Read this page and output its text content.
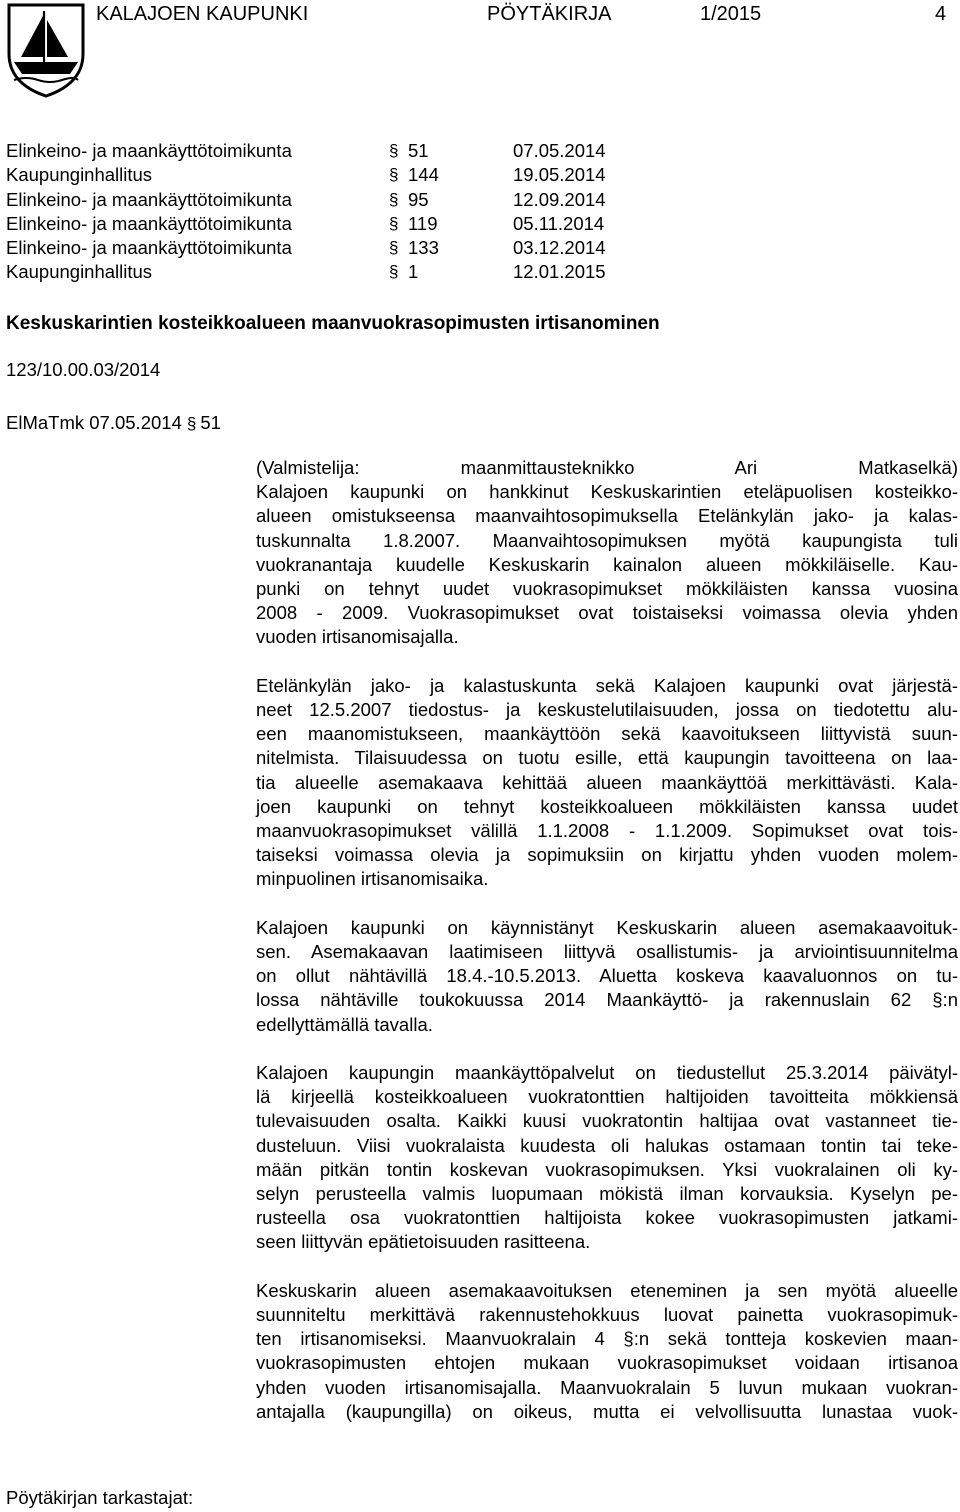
KALAJOEN KAUPUNKI	PÖYTÄKIRJA	1/2015	4
Elinkeino- ja maankäyttötoimikunta	§ 51	07.05.2014
Kaupunginhallitus	§ 144	19.05.2014
Elinkeino- ja maankäyttötoimikunta	§ 95	12.09.2014
Elinkeino- ja maankäyttötoimikunta	§ 119	05.11.2014
Elinkeino- ja maankäyttötoimikunta	§ 133	03.12.2014
Kaupunginhallitus	§ 1	12.01.2015
Keskuskarintien kosteikkoalueen maanvuokrasopimusten irtisanominen
123/10.00.03/2014
ElMaTmk 07.05.2014 § 51

(Valmistelija: maanmittausteknikko Ari Matkaselkä)
Kalajoen kaupunki on hankkinut Keskuskarintien eteläpuolisen kosteikko-
alueen omistukseensa maanvaihtosopimuksella Etelänkylän jako- ja kalas-
tuskunnalta 1.8.2007. Maanvaihtosopimuksen myötä kaupungista tuli
vuokranantaja kuudelle Keskuskarin kainalon alueen mökkiläiselle. Kau-
punki on tehnyt uudet vuokrasopimukset mökkiläisten kanssa vuosina
2008 - 2009. Vuokrasopimukset ovat toistaiseksi voimassa olevia yhden
vuoden irtisanomisajalla.

Etelänkylän jako- ja kalastuskunta sekä Kalajoen kaupunki ovat järjestä-
neet 12.5.2007 tiedostus- ja keskustelutilaisuuden, jossa on tiedotettu alu-
een maanomistukseen, maankäyttöön sekä kaavoitukseen liittyvistä suun-
nitelmista. Tilaisuudessa on tuotu esille, että kaupungin tavoitteena on laa-
tia alueelle asemakaava kehittää alueen maankäyttöä merkittävästi. Kala-
joen kaupunki on tehnyt kosteikkoalueen mökkiläisten kanssa uudet
maanvuokrasopimukset välillä 1.1.2008 - 1.1.2009. Sopimukset ovat tois-
taiseksi voimassa olevia ja sopimuksiin on kirjattu yhden vuoden molem-
minpuolinen irtisanomisaika.

Kalajoen kaupunki on käynnistänyt Keskuskarin alueen asemakaavoituk-
sen. Asemakaavan laatimiseen liittyvä osallistumis- ja arviointisuunnitelma
on ollut nähtävillä 18.4.-10.5.2013. Aluetta koskeva kaavaluonnos on tu-
lossa nähtäville toukokuussa 2014 Maankäyttö- ja rakennuslain 62 §:n
edellyttämällä tavalla.

Kalajoen kaupungin maankäyttöpalvelut on tiedustellut 25.3.2014 päivätyl-
lä kirjeellä kosteikkoalueen vuokratonttien haltijoiden tavoitteita mökkiensä
tulevaisuuden osalta. Kaikki kuusi vuokratontin haltijaa ovat vastanneet tie-
dusteluun. Viisi vuokralaista kuudesta oli halukas ostamaan tontin tai teke-
mään pitkän tontin koskevan vuokrasopimuksen. Yksi vuokralainen oli ky-
selyn perusteella valmis luopumaan mökistä ilman korvauksia. Kyselyn pe-
rusteella osa vuokratonttien haltijoista kokee vuokrasopimusten jatkami-
seen liittyvän epätietoisuuden rasitteena.

Keskuskarin alueen asemakaavoituksen eteneminen ja sen myötä alueelle
suunniteltu merkittävä rakennustehokkuus luovat painetta vuokrasopimuk-
ten irtisanomiseksi. Maanvuokralain 4 §:n sekä tontteja koskevien maan-
vuokrasopimusten ehtojen mukaan vuokrasopimukset voidaan irtisanoa
yhden vuoden irtisanomisajalla. Maanvuokralain 5 luvun mukaan vuokran-
antajalla (kaupungilla) on oikeus, mutta ei velvollisuutta lunastaa vuok-

Pöytäkirjan tarkastajat:
